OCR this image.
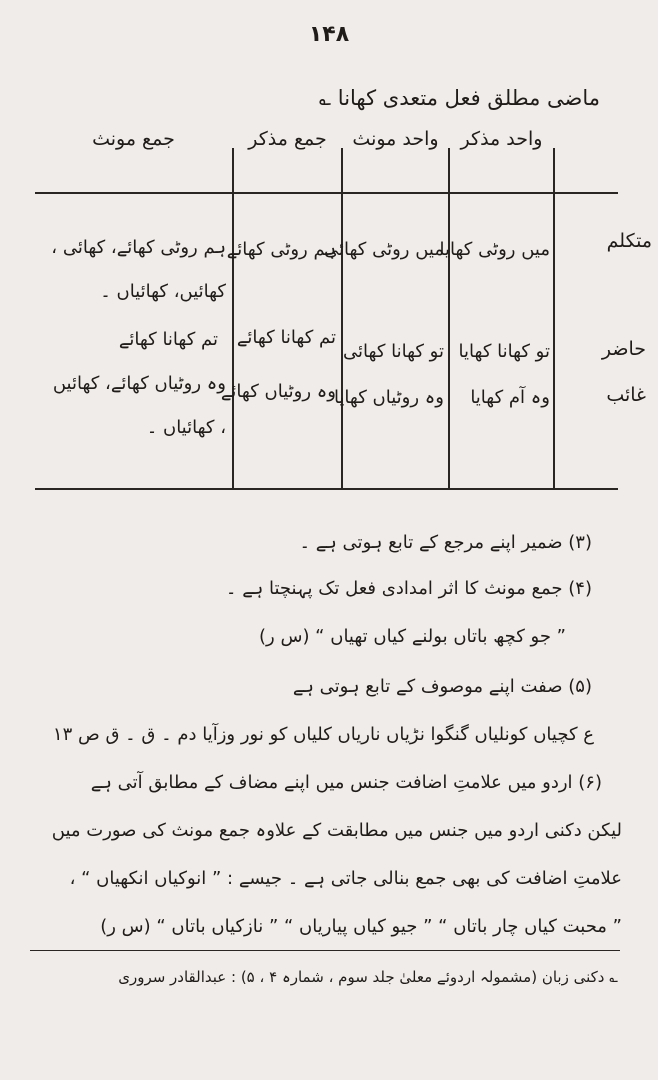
۱۴۸
ماضی مطلق فعل متعدی کھانا ؎
واحد مذکر
واحد مونث
جمع مذکر
جمع مونث
متکلم
میں روٹی کھایا
میں روٹی کھائی
ہم روٹی کھائے
ہم روٹی کھائے، کھائی ، کھائیں، کھائیاں ۔
حاضر
تو کھانا کھایا
تو کھانا کھائی
تم کھانا کھائے
تم کھانا کھائے
غائب
وہ آم کھایا
وہ روٹیاں کھایا
وہ روٹیاں کھائے
وہ روٹیاں کھائے، کھائیں ، کھائیاں ۔
(۳) ضمیر اپنے مرجع کے تابع ہوتی ہے ۔
(۴) جمع مونث کا اثر امدادی فعل تک پہنچتا ہے ۔
” جو کچھ باتاں بولنے کیاں تھیاں “ (س ر)
(۵) صفت اپنے موصوف کے تابع ہوتی ہے
ع کچیاں کونلیاں گنگوا نڑیاں ناریاں کلیاں کو نور وزآیا دم ۔ ق ۔ ق ص ۱۳
(۶) اردو میں علامتِ اضافت جنس میں اپنے مضاف کے مطابق آتی ہے
لیکن دکنی اردو میں جنس میں مطابقت کے علاوہ جمع مونث کی صورت میں
علامتِ اضافت کی بھی جمع بنالی جاتی ہے ۔ جیسے : ” انوکیاں انکھیاں “ ،
” محبت کیاں چار باتاں “ ” جیو کیاں پیاریاں “ ” نازکیاں باتاں “ (س ر)
؎ دکنی زبان (مشمولہ اردوئے معلیٰ جلد سوم ، شمارہ ۴ ، ۵) : عبدالقادر سروری
